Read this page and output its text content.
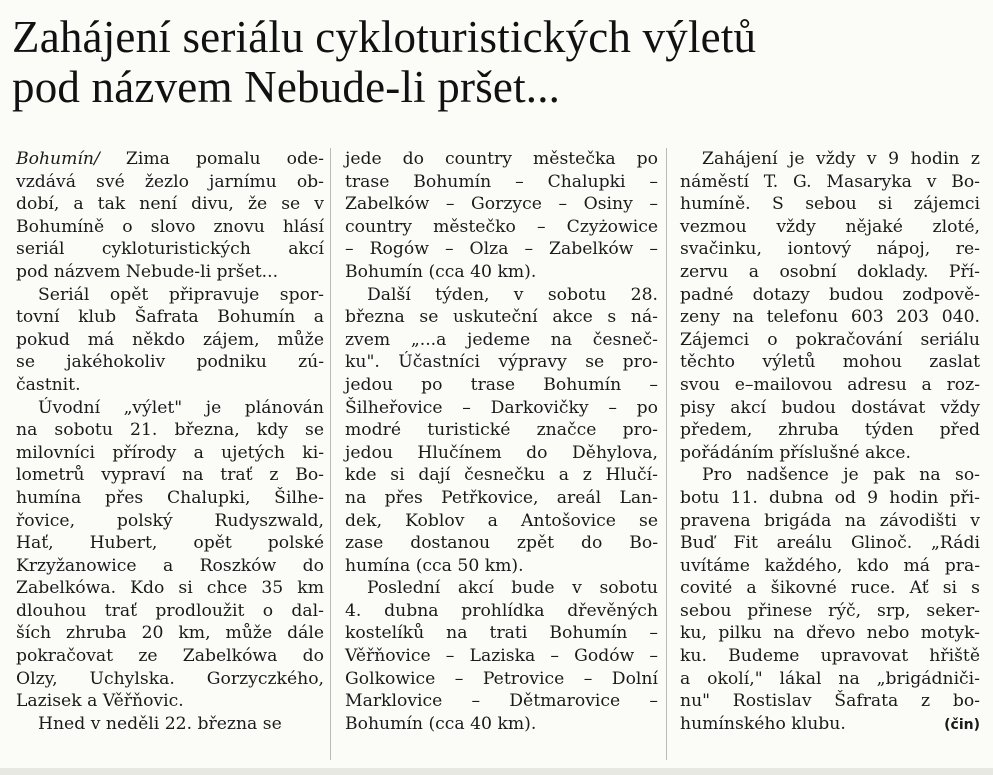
Zahájení seriálu cykloturistických výletů
pod názvem Nebude-li pršet...
Bohumín/ Zima pomalu ode-
vzdává své žezlo jarnímu ob-
dobí, a tak není divu, že se v
Bohumíně o slovo znovu hlásí
seriál cykloturistických akcí
pod názvem Nebude-li pršet...
Seriál opět připravuje spor-
tovní klub Šafrata Bohumín a
pokud má někdo zájem, může
se jakéhokoliv podniku zú-
častnit.
Úvodní „výlet" je plánován
na sobotu 21. března, kdy se
milovníci přírody a ujetých ki-
lometrů vypraví na trať z Bo-
humína přes Chalupki, Šilhe-
řovice, polský Rudyszwald,
Hať, Hubert, opět polské
Krzyžanowice a Roszków do
Zabelkówa. Kdo si chce 35 km
dlouhou trať prodloužit o dal-
ších zhruba 20 km, může dále
pokračovat ze Zabelkówa do
Olzy, Uchylska. Gorzyczkého,
Lazisek a Věřňovic.
Hned v neděli 22. března se
jede do country městečka po
trase Bohumín – Chalupki –
Zabelków – Gorzyce – Osiny –
country městečko – Czyżowice
– Rogów – Olza – Zabelków –
Bohumín (cca 40 km).
Další týden, v sobotu 28.
března se uskuteční akce s ná-
zvem „...a jedeme na česneč-
ku". Účastníci výpravy se pro-
jedou po trase Bohumín –
Šilheřovice – Darkovičky – po
modré turistické značce pro-
jedou Hlučínem do Děhylova,
kde si dají česnečku a z Hlučí-
na přes Petřkovice, areál Lan-
dek, Koblov a Antošovice se
zase dostanou zpět do Bo-
humína (cca 50 km).
Poslední akcí bude v sobotu
4. dubna prohlídka dřevěných
kostelíků na trati Bohumín –
Věřňovice – Laziska – Godów –
Golkowice – Petrovice – Dolní
Marklovice – Dětmarovice –
Bohumín (cca 40 km).
Zahájení je vždy v 9 hodin z
náměstí T. G. Masaryka v Bo-
humíně. S sebou si zájemci
vezmou vždy nějaké zloté,
svačinku, iontový nápoj, re-
zervu a osobní doklady. Pří-
padné dotazy budou zodpově-
zeny na telefonu 603 203 040.
Zájemci o pokračování seriálu
těchto výletů mohou zaslat
svou e–mailovou adresu a roz-
pisy akcí budou dostávat vždy
předem, zhruba týden před
pořádáním příslušné akce.
Pro nadšence je pak na so-
botu 11. dubna od 9 hodin při-
pravena brigáda na závodišti v
Buď Fit areálu Glinoč. „Rádi
uvítáme každého, kdo má pra-
covité a šikovné ruce. Ať si s
sebou přinese rýč, srp, seker-
ku, pilku na dřevo nebo motyk-
ku. Budeme upravovat hřiště
a okolí," lákal na „brigádniči-
nu" Rostislav Šafrata z bo-
humínského klubu.	(čin)
